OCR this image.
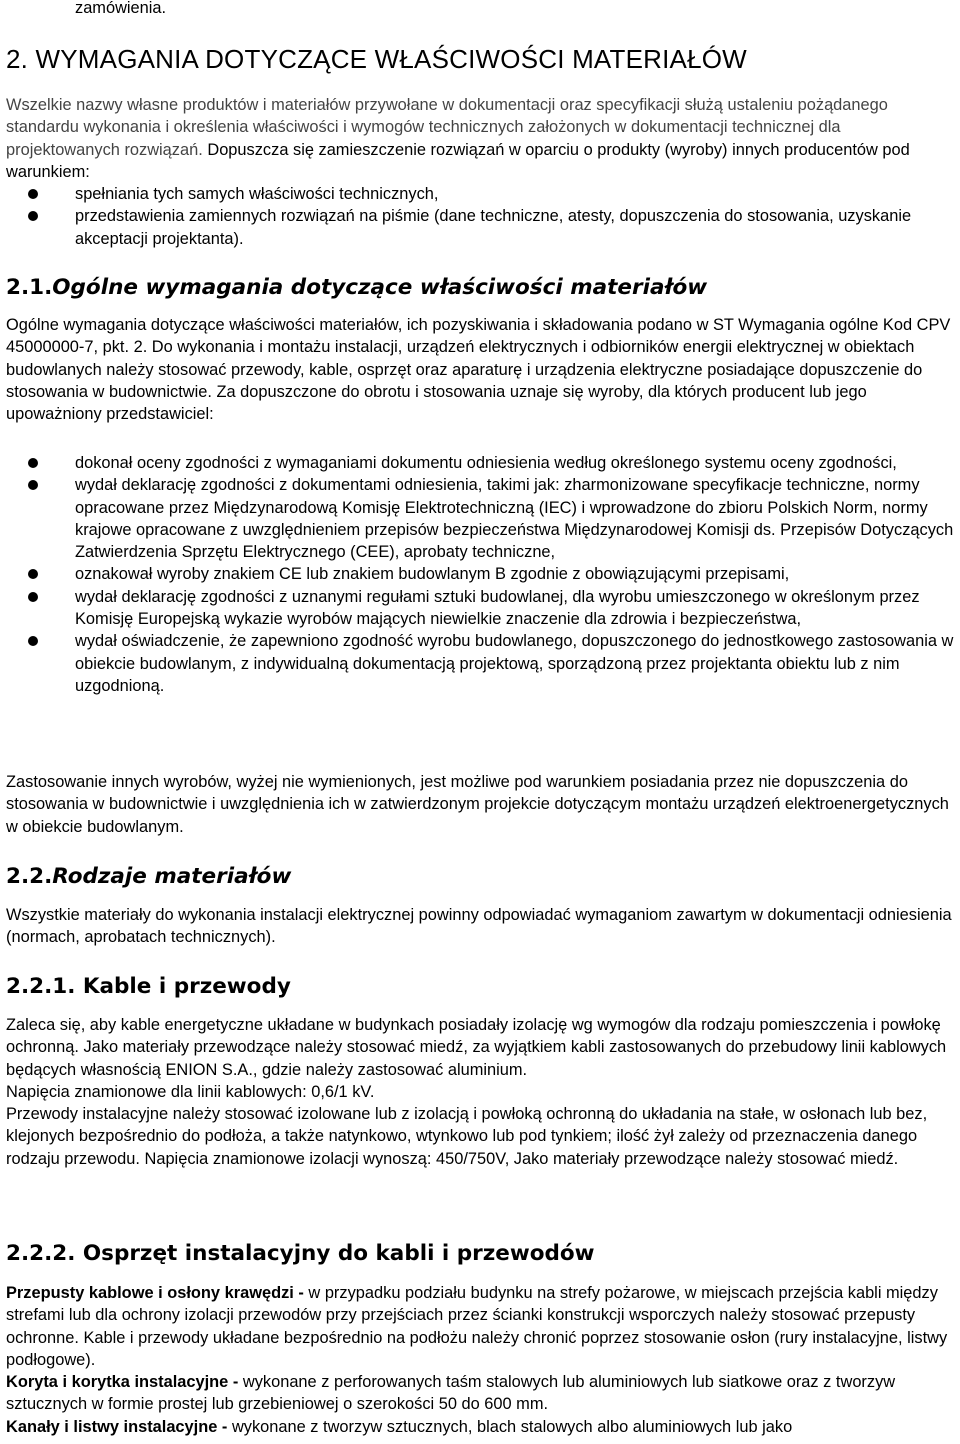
zamówienia.

2. WYMAGANIA DOTYCZĄCE WŁAŚCIWOŚCI MATERIAŁÓW

Wszelkie nazwy własne produktów i materiałów przywołane w dokumentacji oraz specyfikacji służą ustaleniu pożądanego standardu wykonania i określenia właściwości i wymogów technicznych założonych w dokumentacji technicznej dla projektowanych rozwiązań. Dopuszcza się zamieszczenie rozwiązań w oparciu o produkty (wyroby) innych producentów pod warunkiem:

spełniania tych samych właściwości technicznych,
przedstawienia zamiennych rozwiązań na piśmie (dane techniczne, atesty, dopuszczenia do stosowania, uzyskanie akceptacji projektanta).
2.1.Ogólne wymagania dotyczące właściwości materiałów

Ogólne wymagania dotyczące właściwości materiałów, ich pozyskiwania i składowania podano w ST Wymagania ogólne Kod CPV 45000000-7, pkt. 2. Do wykonania i montażu instalacji, urządzeń elektrycznych i odbiorników energii elektrycznej w obiektach budowlanych należy stosować przewody, kable, osprzęt oraz aparaturę i urządzenia elektryczne posiadające dopuszczenie do stosowania w budownictwie. Za dopuszczone do obrotu i stosowania uznaje się wyroby, dla których producent lub jego upoważniony przedstawiciel:

dokonał oceny zgodności z wymaganiami dokumentu odniesienia według określonego systemu oceny zgodności,
wydał deklarację zgodności z dokumentami odniesienia, takimi jak: zharmonizowane specyfikacje techniczne, normy opracowane przez Międzynarodową Komisję Elektrotechniczną (IEC) i wprowadzone do zbioru Polskich Norm, normy krajowe opracowane z uwzględnieniem przepisów bezpieczeństwa Międzynarodowej Komisji ds. Przepisów Dotyczących Zatwierdzenia Sprzętu Elektrycznego (CEE), aprobaty techniczne,
oznakował wyroby znakiem CE lub znakiem budowlanym B zgodnie z obowiązującymi przepisami,
wydał deklarację zgodności z uznanymi regułami sztuki budowlanej, dla wyrobu umieszczonego w określonym przez Komisję Europejską wykazie wyrobów mających niewielkie znaczenie dla zdrowia i bezpieczeństwa,
wydał oświadczenie, że zapewniono zgodność wyrobu budowlanego, dopuszczonego do jednostkowego zastosowania w obiekcie budowlanym, z indywidualną dokumentacją projektową, sporządzoną przez projektanta obiektu lub z nim uzgodnioną.

Zastosowanie innych wyrobów, wyżej nie wymienionych, jest możliwe pod warunkiem posiadania przez nie dopuszczenia do stosowania w budownictwie i uwzględnienia ich w zatwierdzonym projekcie dotyczącym montażu urządzeń elektroenergetycznych w obiekcie budowlanym.

2.2.Rodzaje materiałów

Wszystkie materiały do wykonania instalacji elektrycznej powinny odpowiadać wymaganiom zawartym w dokumentacji odniesienia (normach, aprobatach technicznych).

2.2.1. Kable i przewody
Zaleca się, aby kable energetyczne układane w budynkach posiadały izolację wg wymogów dla rodzaju pomieszczenia i powłokę ochronną. Jako materiały przewodzące należy stosować miedź, za wyjątkiem kabli zastosowanych do przebudowy linii kablowych będących własnością ENION S.A., gdzie należy zastosować aluminium.
Napięcia znamionowe dla linii kablowych: 0,6/1 kV.
Przewody instalacyjne należy stosować izolowane lub z izolacją i powłoką ochronną do układania na stałe, w osłonach lub bez, klejonych bezpośrednio do podłoża, a także natynkowo, wtynkowo lub pod tynkiem; ilość żył zależy od przeznaczenia danego rodzaju przewodu. Napięcia znamionowe izolacji wynoszą: 450/750V, Jako materiały przewodzące należy stosować miedź.
2.2.2. Osprzęt instalacyjny do kabli i przewodów
Przepusty kablowe i osłony krawędzi - w przypadku podziału budynku na strefy pożarowe, w miejscach przejścia kabli między strefami lub dla ochrony izolacji przewodów przy przejściach przez ścianki konstrukcji wsporczych należy stosować przepusty ochronne. Kable i przewody układane bezpośrednio na podłożu należy chronić poprzez stosowanie osłon (rury instalacyjne, listwy podłogowe).
Koryta i korytka instalacyjne - wykonane z perforowanych taśm stalowych lub aluminiowych lub siatkowe oraz z tworzyw sztucznych w formie prostej lub grzebieniowej o szerokości 50 do 600 mm.
Kanały i listwy instalacyjne - wykonane z tworzyw sztucznych, blach stalowych albo aluminiowych lub jako
